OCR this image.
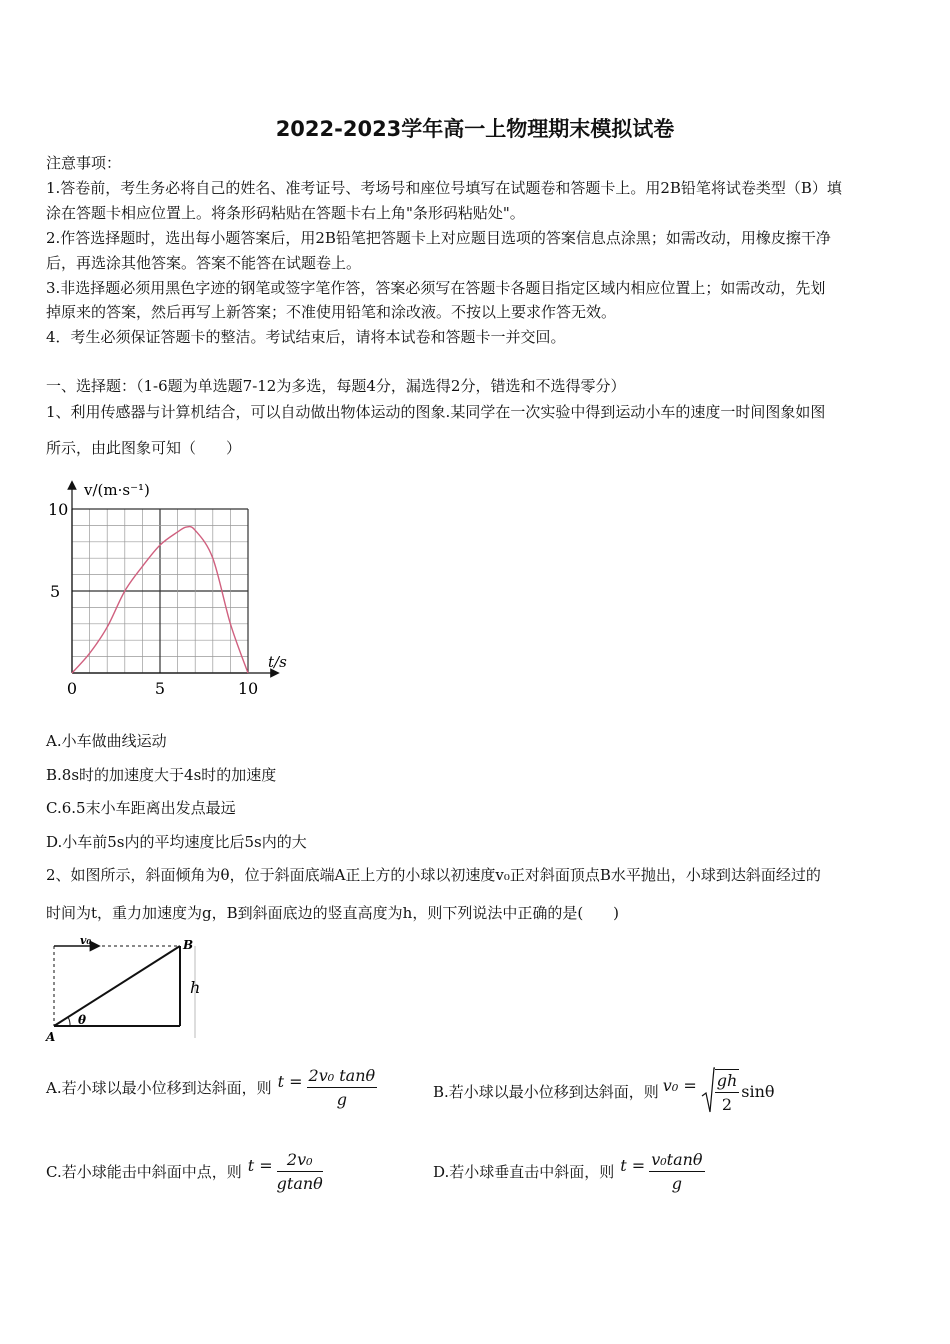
2022-2023学年高一上物理期末模拟试卷
注意事项：
1.答卷前，考生务必将自己的姓名、准考证号、考场号和座位号填写在试题卷和答题卡上。用2B铅笔将试卷类型（B）填
涂在答题卡相应位置上。将条形码粘贴在答题卡右上角"条形码粘贴处"。
2.作答选择题时，选出每小题答案后，用2B铅笔把答题卡上对应题目选项的答案信息点涂黑；如需改动，用橡皮擦干净
后，再选涂其他答案。答案不能答在试题卷上。
3.非选择题必须用黑色字迹的钢笔或签字笔作答，答案必须写在答题卡各题目指定区域内相应位置上；如需改动，先划
掉原来的答案，然后再写上新答案；不准使用铅笔和涂改液。不按以上要求作答无效。
4．考生必须保证答题卡的整洁。考试结束后，请将本试卷和答题卡一并交回。
一、选择题：（1-6题为单选题7-12为多选，每题4分，漏选得2分，错选和不选得零分）
1、利用传感器与计算机结合，可以自动做出物体运动的图象.某同学在一次实验中得到运动小车的速度一时间图象如图
所示，由此图象可知（　　）
v/(m·s⁻¹)
t/s
0	5	10
5
10
A.小车做曲线运动
B.8s时的加速度大于4s时的加速度
C.6.5末小车距离出发点最远
D.小车前5s内的平均速度比后5s内的大
2、如图所示，斜面倾角为θ，位于斜面底端A正上方的小球以初速度v₀正对斜面顶点B水平抛出，小球到达斜面经过的
时间为t，重力加速度为g，B到斜面底边的竖直高度为h，则下列说法中正确的是(　　)
v₀	B
A
h
θ
A.若小球以最小位移到达斜面，则 $t = \frac{\text{2v₀ tanθ}}{g}$	B.若小球以最小位移到达斜面，则 $v_0 = \frac{gh}{2}$ sinθ
C.若小球能击中斜面中点，则 $t = \frac{\text{2v₀}}{gtan\theta}$	D.若小球垂直击中斜面，则 $t = \frac{\text{v₀tanθ}}{g}$
